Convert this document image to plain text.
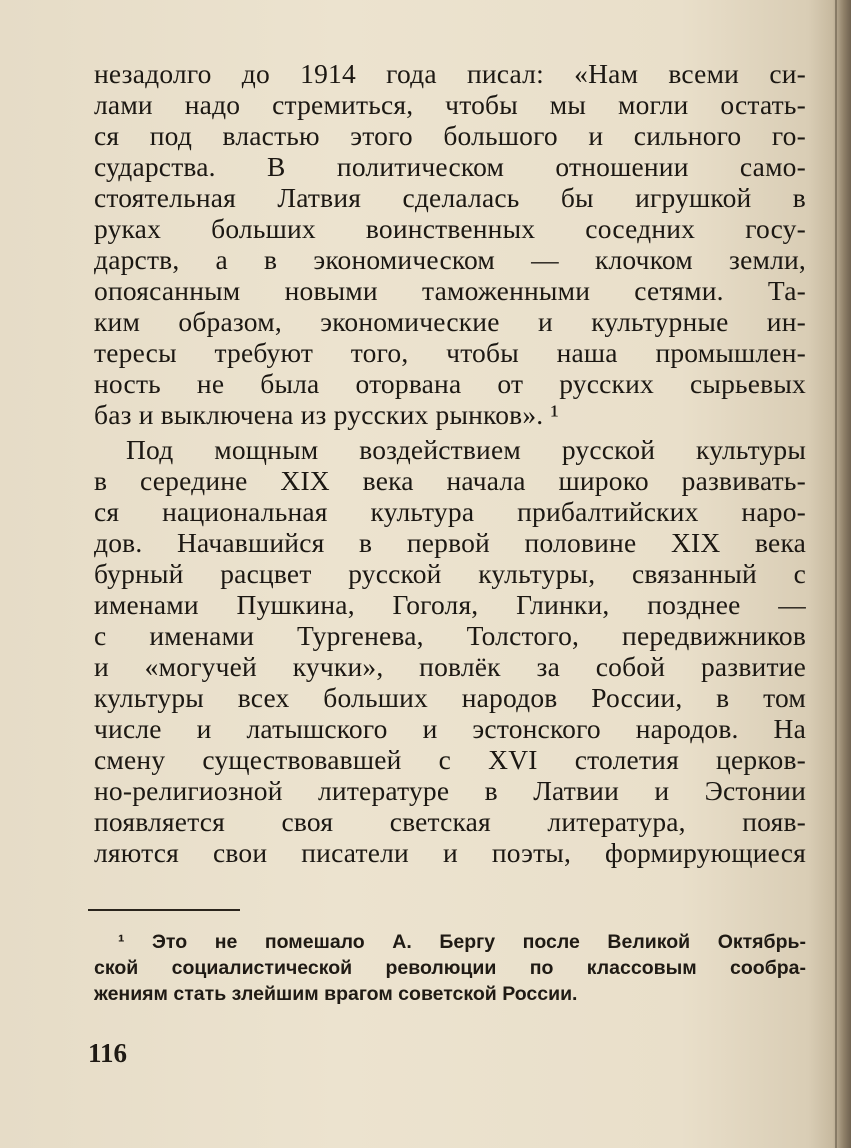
незадолго до 1914 года писал: «Нам всеми си-
лами надо стремиться, чтобы мы могли остать-
ся под властью этого большого и сильного го-
сударства. В политическом отношении само-
стоятельная Латвия сделалась бы игрушкой в
руках больших воинственных соседних госу-
дарств, а в экономическом — клочком земли,
опоясанным новыми таможенными сетями. Та-
ким образом, экономические и культурные ин-
тересы требуют того, чтобы наша промышлен-
ность не была оторвана от русских сырьевых
баз и выключена из русских рынков». ¹
Под мощным воздействием русской культуры
в середине XIX века начала широко развивать-
ся национальная культура прибалтийских наро-
дов. Начавшийся в первой половине XIX века
бурный расцвет русской культуры, связанный с
именами Пушкина, Гоголя, Глинки, позднее —
с именами Тургенева, Толстого, передвижников
и «могучей кучки», повлёк за собой развитие
культуры всех больших народов России, в том
числе и латышского и эстонского народов. На
смену существовавшей с XVI столетия церков-
но-религиозной литературе в Латвии и Эстонии
появляется своя светская литература, появ-
ляются свои писатели и поэты, формирующиеся
¹ Это не помешало А. Бергу после Великой Октябрь-
ской социалистической революции по классовым сообра-
жениям стать злейшим врагом советской России.
116
